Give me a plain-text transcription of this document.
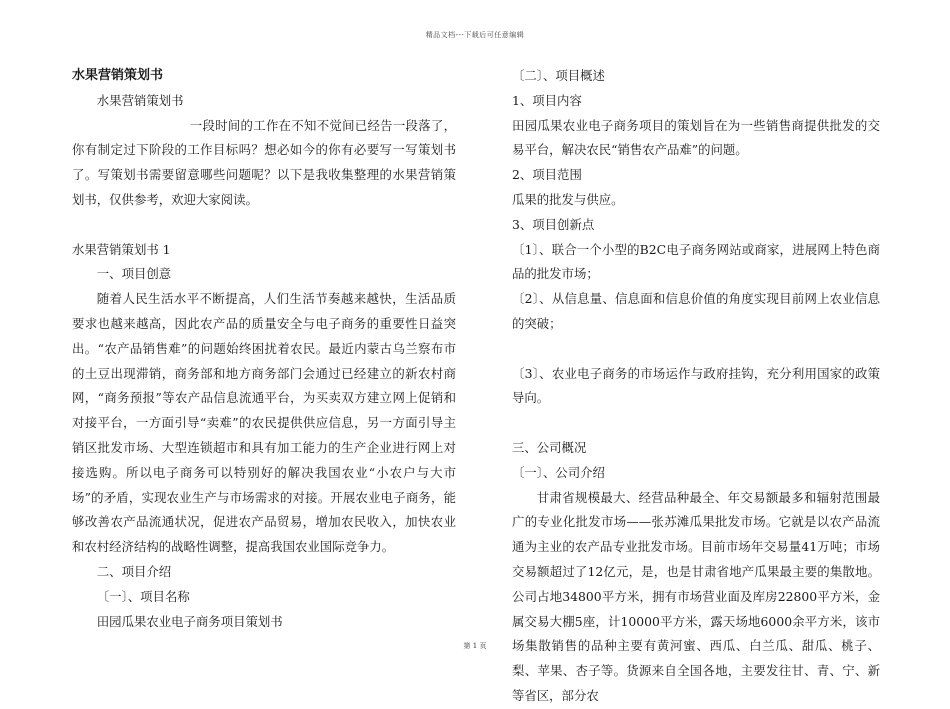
精品文档---下载后可任意编辑

水果营销策划书

水果营销策划书

一段时间的工作在不知不觉间已经告一段落了，你有制定过下阶段的工作目标吗？想必如今的你有必要写一写策划书了。写策划书需要留意哪些问题呢？以下是我收集整理的水果营销策划书，仅供参考，欢迎大家阅读。

水果营销策划书 1

一、项目创意

随着人民生活水平不断提高，人们生活节奏越来越快，生活品质要求也越来越高，因此农产品的质量安全与电子商务的重要性日益突出。“农产品销售难”的问题始终困扰着农民。最近内蒙古乌兰察布市的土豆出现滞销，商务部和地方商务部门会通过已经建立的新农村商网，“商务预报”等农产品信息流通平台，为买卖双方建立网上促销和对接平台，一方面引导“卖难”的农民提供供应信息，另一方面引导主销区批发市场、大型连锁超市和具有加工能力的生产企业进行网上对接选购。所以电子商务可以特别好的解决我国农业“小农户与大市场”的矛盾，实现农业生产与市场需求的对接。开展农业电子商务，能够改善农产品流通状况，促进农产品贸易，增加农民收入，加快农业和农村经济结构的战略性调整，提高我国农业国际竞争力。

二、项目介绍

〔一〕、项目名称

田园瓜果农业电子商务项目策划书

〔二〕、项目概述

1、项目内容

田园瓜果农业电子商务项目的策划旨在为一些销售商提供批发的交易平台，解决农民“销售农产品难”的问题。

2、项目范围

瓜果的批发与供应。

3、项目创新点

〔1〕、联合一个小型的B2C电子商务网站或商家，进展网上特色商品的批发市场；

〔2〕、从信息量、信息面和信息价值的角度实现目前网上农业信息的突破；

〔3〕、农业电子商务的市场运作与政府挂钩，充分利用国家的政策导向。

三、公司概况

〔一〕、公司介绍

甘肃省规模最大、经营品种最全、年交易额最多和辐射范围最广的专业化批发市场——张苏滩瓜果批发市场。它就是以农产品流通为主业的农产品专业批发市场。目前市场年交易量41万吨；市场交易额超过了12亿元，是，也是甘肃省地产瓜果最主要的集散地。公司占地34800平方米，拥有市场营业面及库房22800平方米，金属交易大棚5座，计10000平方米，露天场地6000余平方米，该市场集散销售的品种主要有黄河蜜、西瓜、白兰瓜、甜瓜、桃子、梨、苹果、杏子等。货源来自全国各地，主要发往甘、青、宁、新等省区，部分农

第 1 页
